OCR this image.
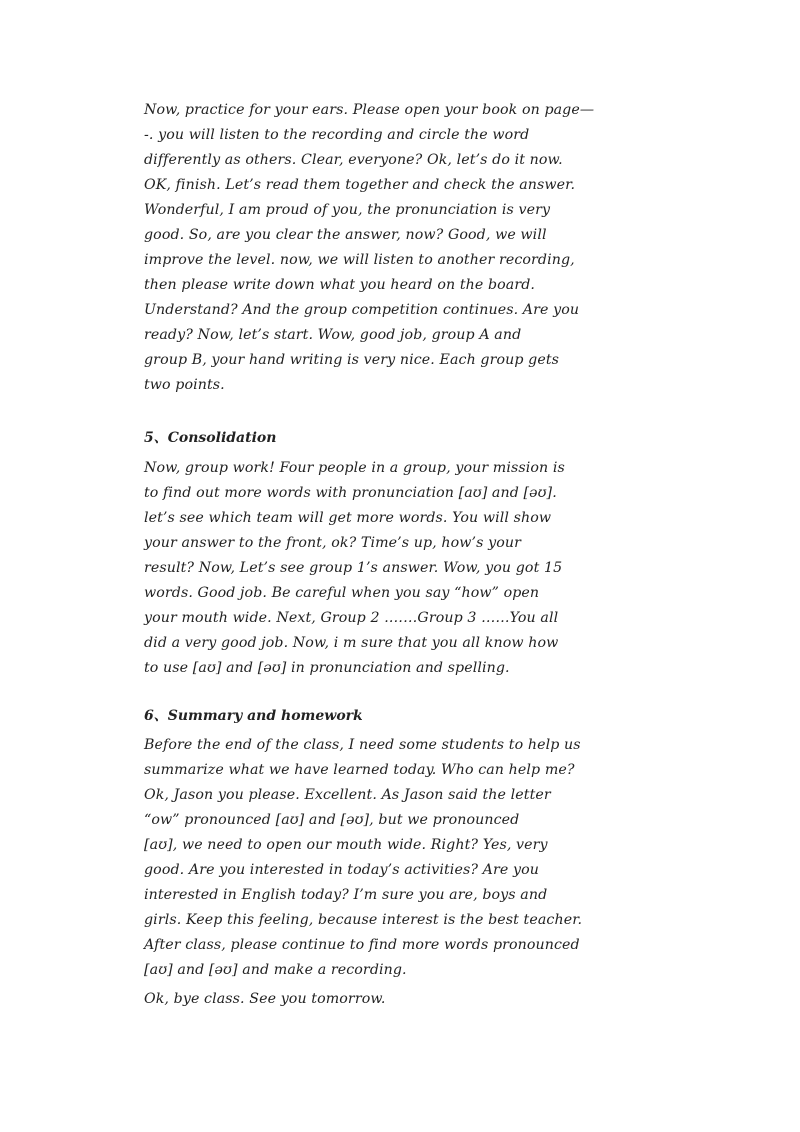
Now, practice for your ears. Please open your book on page—
-. you will listen to the recording and circle the word
differently as others. Clear, everyone? Ok, let’s do it now.
OK, finish. Let’s read them together and check the answer.
Wonderful, I am proud of you, the pronunciation is very
good. So, are you clear the answer, now? Good, we will
improve the level. now, we will listen to another recording,
then please write down what you heard on the board.
Understand? And the group competition continues. Are you
ready? Now, let’s start. Wow, good job, group A and
group B, your hand writing is very nice. Each group gets
two points.
5、Consolidation
Now, group work! Four people in a group, your mission is
to find out more words with pronunciation [aʊ] and [əʊ].
let’s see which team will get more words. You will show
your answer to the front, ok? Time’s up, how’s your
result? Now, Let’s see group 1’s answer. Wow, you got 15
words. Good job. Be careful when you say “how” open
your mouth wide. Next, Group 2 .……Group 3 ……You all
did a very good job. Now, i m sure that you all know how
to use [aʊ] and [əʊ] in pronunciation and spelling.
6、Summary and homework
Before the end of the class, I need some students to help us
summarize what we have learned today. Who can help me?
Ok, Jason you please. Excellent. As Jason said the letter
“ow” pronounced [aʊ] and [əʊ], but we pronounced
[aʊ], we need to open our mouth wide. Right? Yes, very
good. Are you interested in today’s activities? Are you
interested in English today? I’m sure you are, boys and
girls. Keep this feeling, because interest is the best teacher.
After class, please continue to find more words pronounced
[aʊ] and [əʊ] and make a recording.
Ok, bye class. See you tomorrow.
